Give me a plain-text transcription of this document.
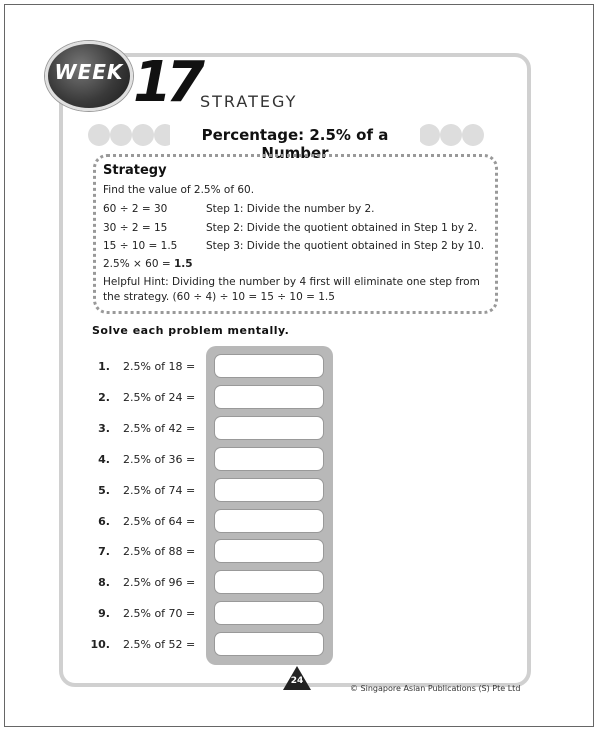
WEEK 17 STRATEGY
Percentage: 2.5% of a Number
Strategy
Find the value of 2.5% of 60.
60 ÷ 2 = 30	Step 1: Divide the number by 2.
30 ÷ 2 = 15	Step 2: Divide the quotient obtained in Step 1 by 2.
15 ÷ 10 = 1.5	Step 3: Divide the quotient obtained in Step 2 by 10.
2.5% × 60 = 1.5
Helpful Hint: Dividing the number by 4 first will eliminate one step from
the strategy. (60 ÷ 4) ÷ 10 = 15 ÷ 10 = 1.5
Solve each problem mentally.
1. 2.5% of 18 =
2. 2.5% of 24 =
3. 2.5% of 42 =
4. 2.5% of 36 =
5. 2.5% of 74 =
6. 2.5% of 64 =
7. 2.5% of 88 =
8. 2.5% of 96 =
9. 2.5% of 70 =
10. 2.5% of 52 =
24
© Singapore Asian Publications (S) Pte Ltd
